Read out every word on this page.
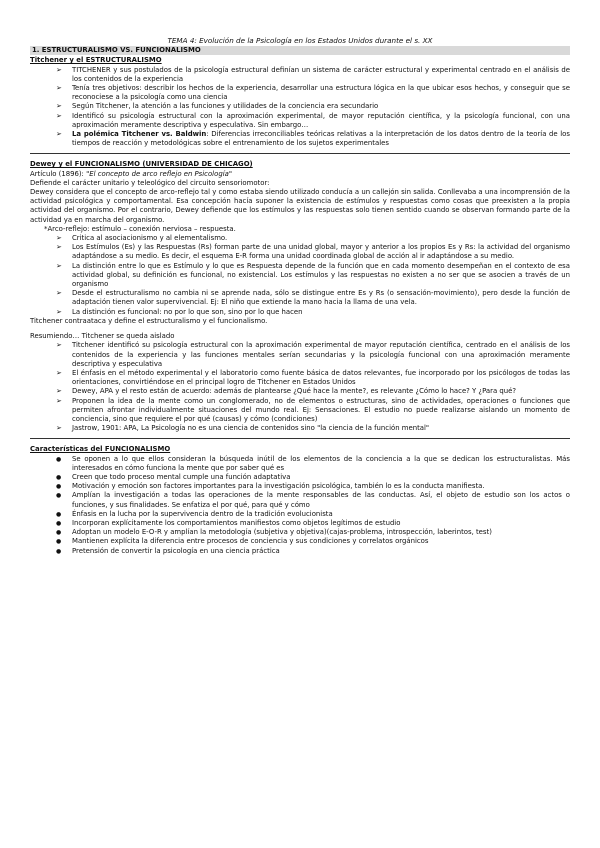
TEMA 4: Evolución de la Psicología en los Estados Unidos durante el s. XX
1. ESTRUCTURALISMO VS. FUNCIONALISMO
Titchener y el ESTRUCTURALISMO
➢ TITCHENER y sus postulados de la psicología estructural definían un sistema de carácter estructural y experimental centrado en el análisis de los contenidos de la experiencia
➢ Tenía tres objetivos: describir los hechos de la experiencia, desarrollar una estructura lógica en la que ubicar esos hechos, y conseguir que se reconociese a la psicología como una ciencia
➢ Según Titchener, la atención a las funciones y utilidades de la conciencia era secundario
➢ Identificó su psicología estructural con la aproximación experimental, de mayor reputación científica, y la psicología funcional, con una aproximación meramente descriptiva y especulativa. Sin embargo…
➢ La polémica Titchener vs. Baldwin: Diferencias irreconciliables teóricas relativas a la interpretación de los datos dentro de la teoría de los tiempos de reacción y metodológicas sobre el entrenamiento de los sujetos experimentales
Dewey y el FUNCIONALISMO (UNIVERSIDAD DE CHICAGO)

Artículo (1896): "El concepto de arco reflejo en Psicología"

Defiende el carácter unitario y teleológico del circuito sensoriomotor:

Dewey considera que el concepto de arco-reflejo tal y como estaba siendo utilizado conducía a un callejón sin salida. Conllevaba a una incomprensión de la actividad psicológica y comportamental. Esa concepción hacía suponer la existencia de estímulos y respuestas como cosas que preexisten a la propia actividad del organismo. Por el contrario, Dewey defiende que los estímulos y las respuestas solo tienen sentido cuando se observan formando parte de la actividad ya en marcha del organismo.

*Arco-reflejo: estímulo – conexión nerviosa – respuesta.

➢ Critica al asociacionismo y al elementalismo.
➢ Los Estímulos (Es) y las Respuestas (Rs) forman parte de una unidad global, mayor y anterior a los propios Es y Rs: la actividad del organismo adaptándose a su medio. Es decir, el esquema E-R forma una unidad coordinada global de acción al ir adaptándose a su medio.
➢ La distinción entre lo que es Estímulo y lo que es Respuesta depende de la función que en cada momento desempeñan en el contexto de esa actividad global, su definición es funcional, no existencial. Los estímulos y las respuestas no existen a no ser que se asocien a través de un organismo
➢ Desde el estructuralismo no cambia ni se aprende nada, sólo se distingue entre Es y Rs (o sensación-movimiento), pero desde la función de adaptación tienen valor supervivencial. Ej: El niño que extiende la mano hacia la llama de una vela.
➢ La distinción es funcional: no por lo que son, sino por lo que hacen

Titchener contraataca y define el estructuralismo y el funcionalismo.

Resumiendo… Titchener se queda aislado

➢ Titchener identificó su psicología estructural con la aproximación experimental de mayor reputación científica, centrado en el análisis de los contenidos de la experiencia y las funciones mentales serían secundarias y la psicología funcional con una aproximación meramente descriptiva y especulativa
➢ El énfasis en el método experimental y el laboratorio como fuente básica de datos relevantes, fue incorporado por los psicólogos de todas las orientaciones, convirtiéndose en el principal logro de Titchener en Estados Unidos
➢ Dewey, APA y el resto están de acuerdo: además de plantearse ¿Qué hace la mente?, es relevante ¿Cómo lo hace? Y ¿Para qué?
➢ Proponen la idea de la mente como un conglomerado, no de elementos o estructuras, sino de actividades, operaciones o funciones que permiten afrontar individualmente situaciones del mundo real. Ej: Sensaciones. El estudio no puede realizarse aislando un momento de conciencia, sino que requiere el por qué (causas) y cómo (condiciones)
➢ Jastrow, 1901: APA, La Psicología no es una ciencia de contenidos sino "la ciencia de la función mental"
Características del FUNCIONALISMO
● Se oponen a lo que ellos consideran la búsqueda inútil de los elementos de la conciencia a la que se dedican los estructuralistas. Más interesados en cómo funciona la mente que por saber qué es
● Creen que todo proceso mental cumple una función adaptativa
● Motivación y emoción son factores importantes para la investigación psicológica, también lo es la conducta manifiesta.
● Amplían la investigación a todas las operaciones de la mente responsables de las conductas. Así, el objeto de estudio son los actos o funciones, y sus finalidades. Se enfatiza el por qué, para qué y cómo
● Énfasis en la lucha por la supervivencia dentro de la tradición evolucionista
● Incorporan explícitamente los comportamientos manifiestos como objetos legítimos de estudio
● Adoptan un modelo E-O-R y amplían la metodología (subjetiva y objetiva)(cajas-problema, introspección, laberintos, test)
● Mantienen explícita la diferencia entre procesos de conciencia y sus condiciones y correlatos orgánicos
● Pretensión de convertir la psicología en una ciencia práctica
